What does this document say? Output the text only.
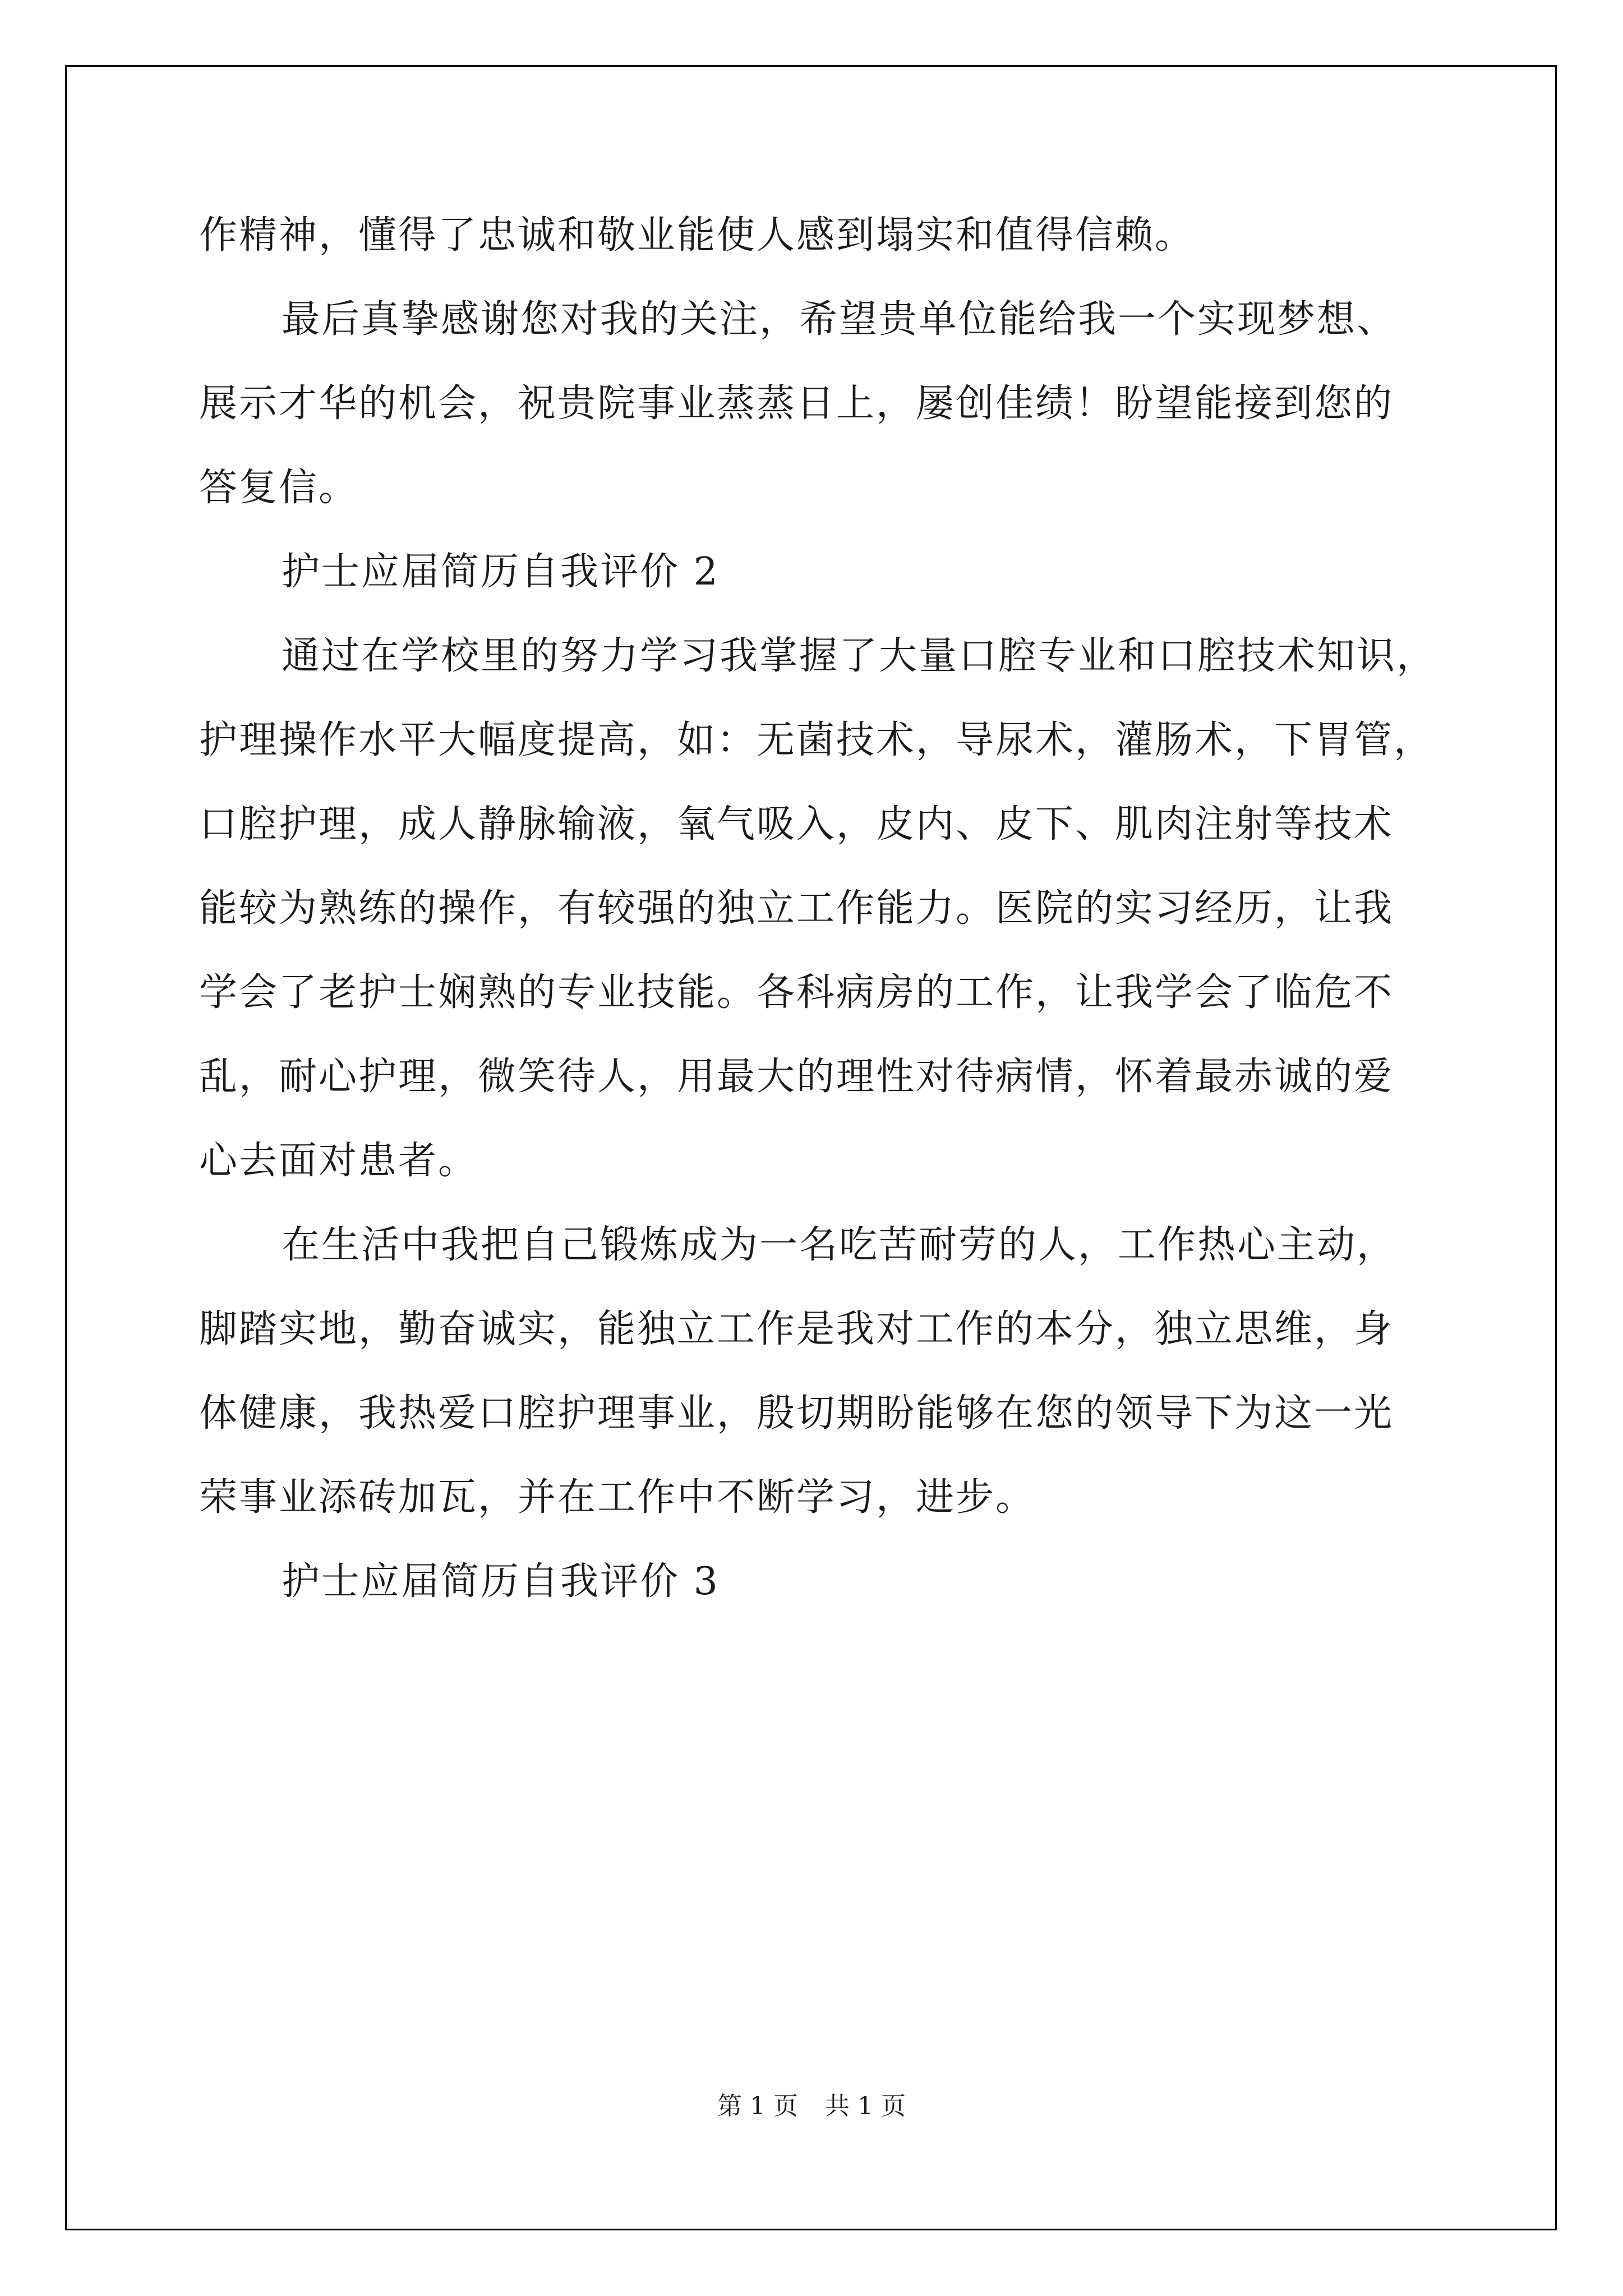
作精神，懂得了忠诚和敬业能使人感到塌实和值得信赖。
最后真挚感谢您对我的关注，希望贵单位能给我一个实现梦想、
展示才华的机会，祝贵院事业蒸蒸日上，屡创佳绩！盼望能接到您的
答复信。
护士应届简历自我评价 2
通过在学校里的努力学习我掌握了大量口腔专业和口腔技术知识，
护理操作水平大幅度提高，如：无菌技术，导尿术，灌肠术，下胃管，
口腔护理，成人静脉输液，氧气吸入，皮内、皮下、肌肉注射等技术
能较为熟练的操作，有较强的独立工作能力。医院的实习经历，让我
学会了老护士娴熟的专业技能。各科病房的工作，让我学会了临危不
乱，耐心护理，微笑待人，用最大的理性对待病情，怀着最赤诚的爱
心去面对患者。
在生活中我把自己锻炼成为一名吃苦耐劳的人，工作热心主动，
脚踏实地，勤奋诚实，能独立工作是我对工作的本分，独立思维，身
体健康，我热爱口腔护理事业，殷切期盼能够在您的领导下为这一光
荣事业添砖加瓦，并在工作中不断学习，进步。
护士应届简历自我评价 3
第 1 页 共 1 页
